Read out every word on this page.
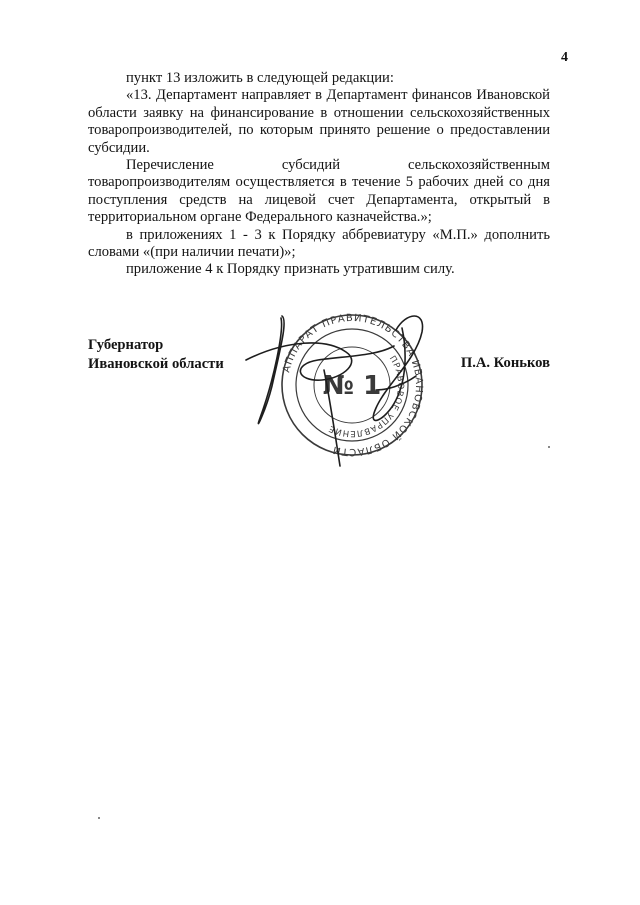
4

пункт 13 изложить в следующей редакции:

«13. Департамент направляет в Департамент финансов Ивановской области заявку на финансирование в отношении сельскохозяйственных товаропроизводителей, по которым принято решение о предоставлении субсидии.

Перечисление	субсидий	сельскохозяйственным

товаропроизводителям осуществляется в течение 5 рабочих дней со дня поступления средств на лицевой счет Департамента, открытый в территориальном органе Федерального казначейства.»;

в приложениях 1 - 3 к Порядку аббревиатуру «М.П.» дополнить словами «(при наличии печати)»;

приложение 4 к Порядку признать утратившим силу.

Губернатор
Ивановской области	П.А. Коньков
АППАРАТ ПРАВИТЕЛЬСТВА ИВАНОВСКОЙ ОБЛАСТИ
ПРАВОВОЕ УПРАВЛЕНИЕ
№ 1
